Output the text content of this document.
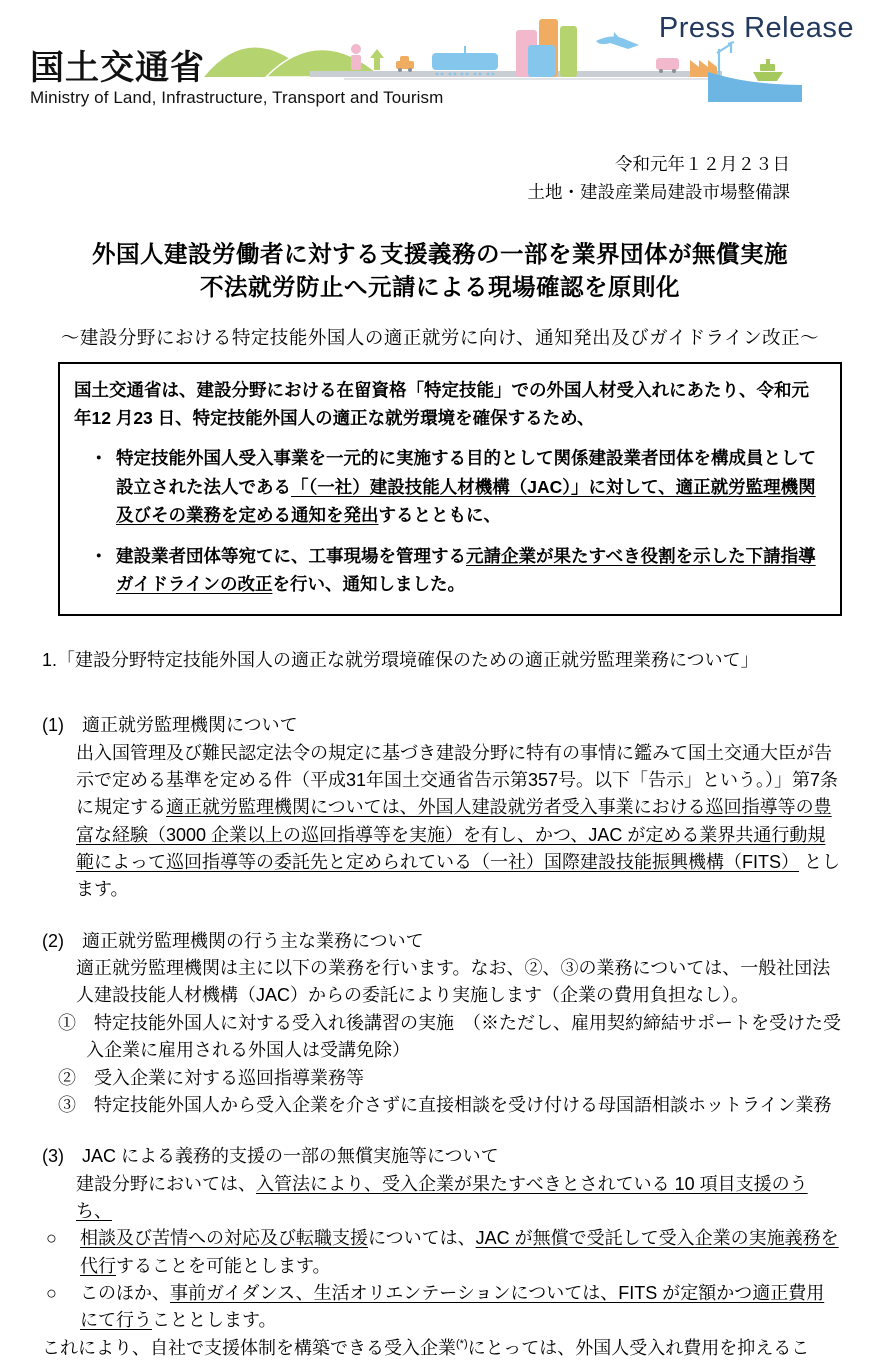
国土交通省
Ministry of Land, Infrastructure, Transport and Tourism
Press Release
令和元年１２月２３日
土地・建設産業局建設市場整備課
外国人建設労働者に対する支援義務の一部を業界団体が無償実施
不法就労防止へ元請による現場確認を原則化
～建設分野における特定技能外国人の適正就労に向け、通知発出及びガイドライン改正～
国土交通省は、建設分野における在留資格「特定技能」での外国人材受入れにあたり、令和元年12 月23 日、特定技能外国人の適正な就労環境を確保するため、
・ 特定技能外国人受入事業を一元的に実施する目的として関係建設業者団体を構成員として設立された法人である「（一社）建設技能人材機構（JAC）」に対して、適正就労監理機関及びその業務を定める通知を発出するとともに、
・ 建設業者団体等宛てに、工事現場を管理する元請企業が果たすべき役割を示した下請指導ガイドラインの改正を行い、通知しました。
1.「建設分野特定技能外国人の適正な就労環境確保のための適正就労監理業務について」
(1)　適正就労監理機関について
出入国管理及び難民認定法令の規定に基づき建設分野に特有の事情に鑑みて国土交通大臣が告示で定める基準を定める件（平成31年国土交通省告示第357号。以下「告示」という。）」第7条に規定する適正就労監理機関については、外国人建設就労者受入事業における巡回指導等の豊富な経験（3000 企業以上の巡回指導等を実施）を有し、かつ、JAC が定める業界共通行動規範によって巡回指導等の委託先と定められている（一社）国際建設技能振興機構（FITS） とします。
(2)　適正就労監理機関の行う主な業務について
適正就労監理機関は主に以下の業務を行います。なお、②、③の業務については、一般社団法人建設技能人材機構（JAC）からの委託により実施します（企業の費用負担なし）。
①　特定技能外国人に対する受入れ後講習の実施　（※ただし、雇用契約締結サポートを受けた受入企業に雇用される外国人は受講免除）
②　受入企業に対する巡回指導業務等
③　特定技能外国人から受入企業を介さずに直接相談を受け付ける母国語相談ホットライン業務
(3)　JAC による義務的支援の一部の無償実施等について
建設分野においては、入管法により、受入企業が果たすべきとされている 10 項目支援のうち、
○ 相談及び苦情への対応及び転職支援については、JAC が無償で受託して受入企業の実施義務を代行することを可能とします。
○ このほか、事前ガイダンス、生活オリエンテーションについては、FITS が定額かつ適正費用にて行うこととします。
これにより、自社で支援体制を構築できる受入企業(*)にとっては、外国人受入れ費用を抑えるこ
